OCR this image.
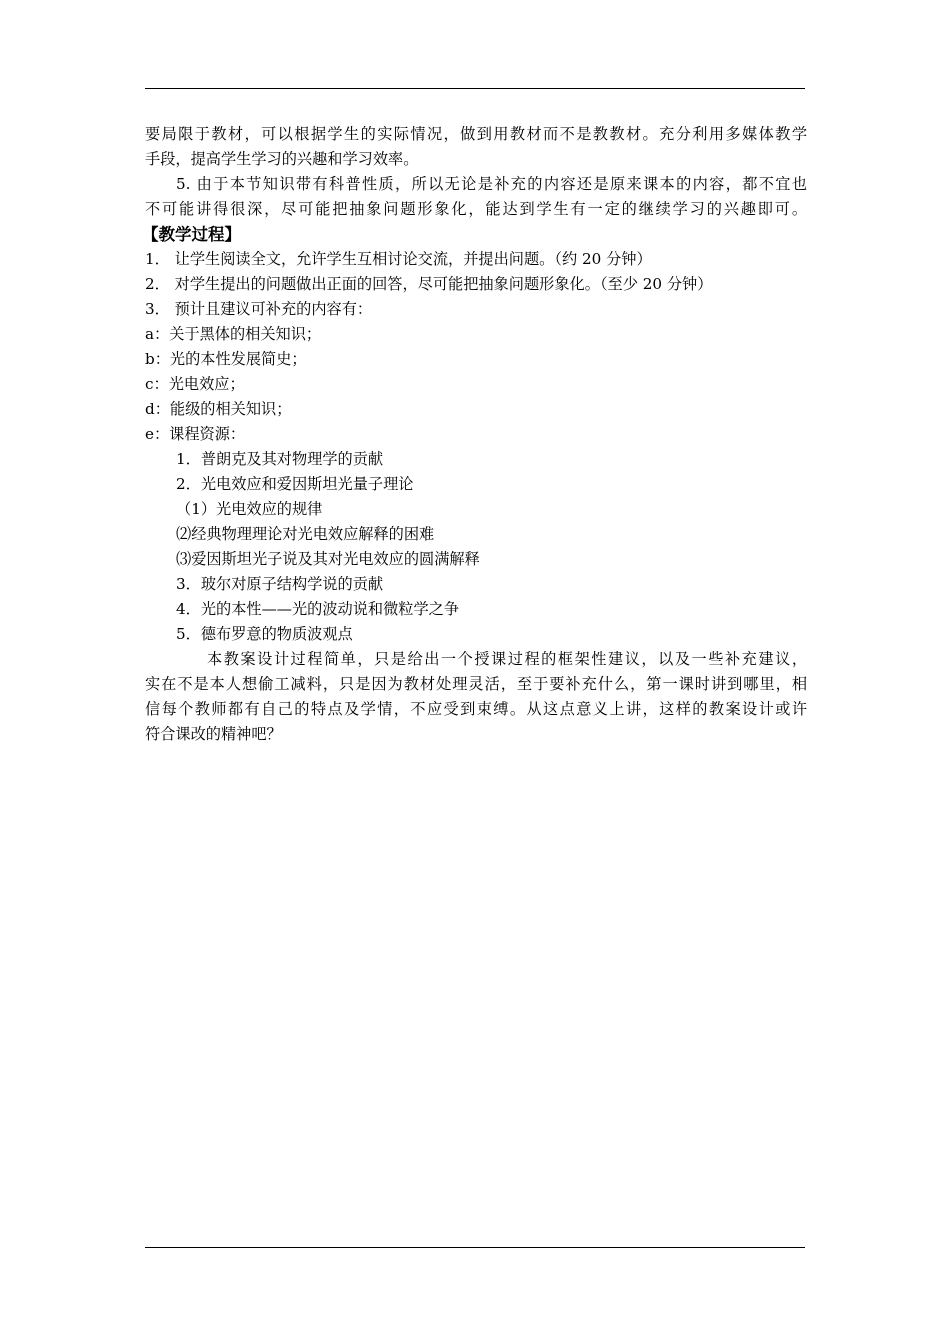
要局限于教材，可以根据学生的实际情况，做到用教材而不是教教材。充分利用多媒体教学
手段，提高学生学习的兴趣和学习效率。
5. 由于本节知识带有科普性质，所以无论是补充的内容还是原来课本的内容，都不宜也
不可能讲得很深，尽可能把抽象问题形象化，能达到学生有一定的继续学习的兴趣即可。
【教学过程】
1． 让学生阅读全文，允许学生互相讨论交流，并提出问题。（约 20 分钟）
2． 对学生提出的问题做出正面的回答，尽可能把抽象问题形象化。（至少 20 分钟）
3． 预计且建议可补充的内容有：
a：关于黑体的相关知识；
b：光的本性发展简史；
c：光电效应；
d：能级的相关知识；
e：课程资源：
1．普朗克及其对物理学的贡献
2．光电效应和爱因斯坦光量子理论
（1）光电效应的规律
⑵经典物理理论对光电效应解释的困难
⑶爱因斯坦光子说及其对光电效应的圆满解释
3．玻尔对原子结构学说的贡献
4．光的本性——光的波动说和微粒学之争
5．德布罗意的物质波观点
本教案设计过程简单，只是给出一个授课过程的框架性建议，以及一些补充建议，
实在不是本人想偷工减料，只是因为教材处理灵活，至于要补充什么，第一课时讲到哪里，相
信每个教师都有自己的特点及学情，不应受到束缚。从这点意义上讲，这样的教案设计或许
符合课改的精神吧？
